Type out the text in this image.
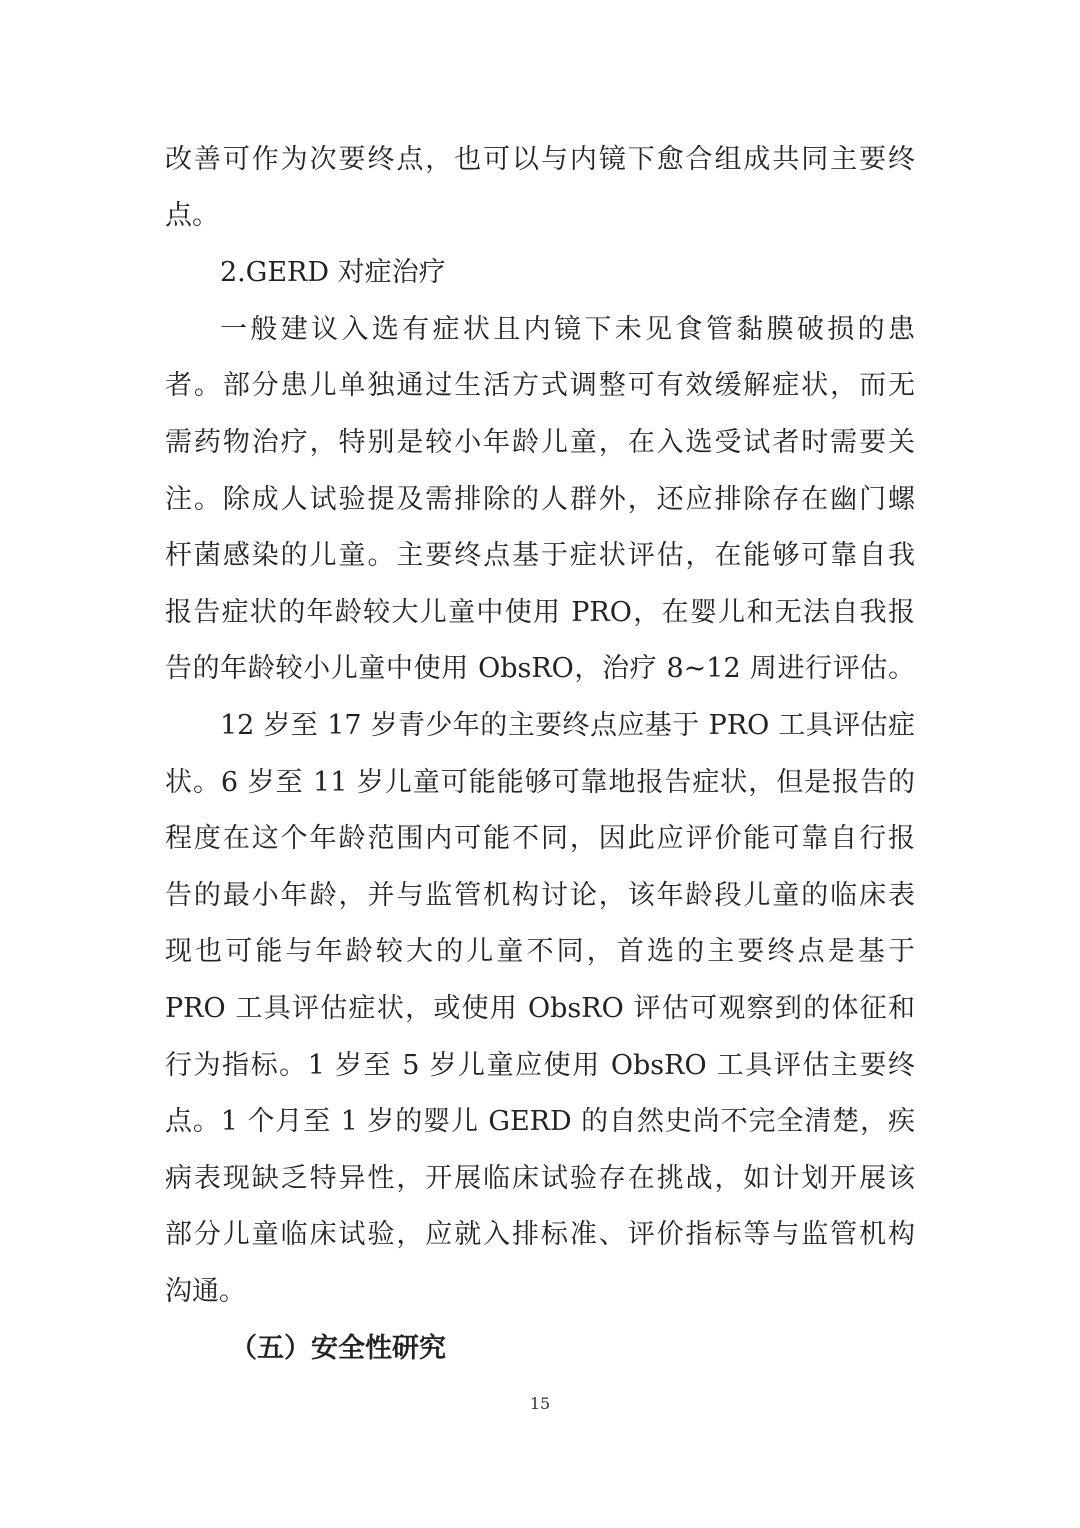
改善可作为次要终点，也可以与内镜下愈合组成共同主要终
点。
2.GERD 对症治疗
一般建议入选有症状且内镜下未见食管黏膜破损的患
者。部分患儿单独通过生活方式调整可有效缓解症状，而无
需药物治疗，特别是较小年龄儿童，在入选受试者时需要关
注。除成人试验提及需排除的人群外，还应排除存在幽门螺
杆菌感染的儿童。主要终点基于症状评估，在能够可靠自我
报告症状的年龄较大儿童中使用 PRO，在婴儿和无法自我报
告的年龄较小儿童中使用 ObsRO，治疗 8~12 周进行评估。
12 岁至 17 岁青少年的主要终点应基于 PRO 工具评估症
状。6 岁至 11 岁儿童可能能够可靠地报告症状，但是报告的
程度在这个年龄范围内可能不同，因此应评价能可靠自行报
告的最小年龄，并与监管机构讨论，该年龄段儿童的临床表
现也可能与年龄较大的儿童不同，首选的主要终点是基于
PRO 工具评估症状，或使用 ObsRO 评估可观察到的体征和
行为指标。1 岁至 5 岁儿童应使用 ObsRO 工具评估主要终
点。1 个月至 1 岁的婴儿 GERD 的自然史尚不完全清楚，疾
病表现缺乏特异性，开展临床试验存在挑战，如计划开展该
部分儿童临床试验，应就入排标准、评价指标等与监管机构
沟通。
（五）安全性研究
15
